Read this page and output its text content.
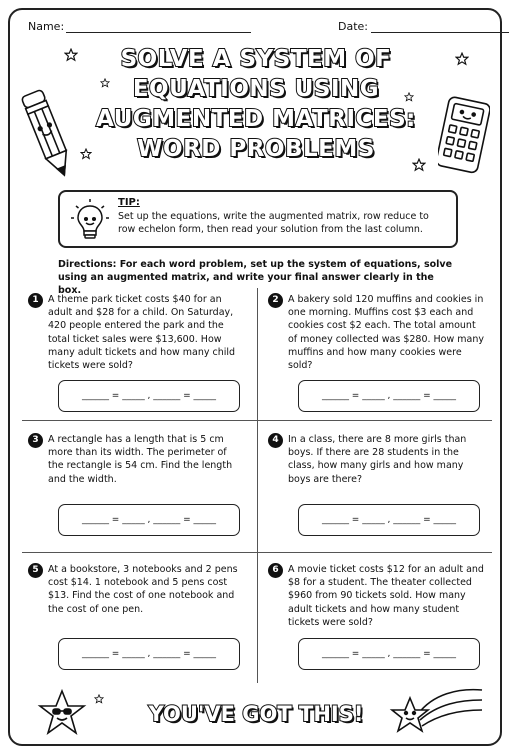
Name:	Date:
SOLVE A SYSTEM OF
EQUATIONS USING
AUGMENTED MATRICES:
WORD PROBLEMS
TIP:
Set up the equations, write the augmented matrix, row reduce to row echelon form, then read your solution from the last column.
Directions: For each word problem, set up the system of equations, solve using an augmented matrix, and write your final answer clearly in the box.
1 A theme park ticket costs $40 for an adult and $28 for a child. On Saturday, 420 people entered the park and the total ticket sales were $13,600. How many adult tickets and how many child tickets were sold?
______ = _____ , ______ = _____
2 A bakery sold 120 muffins and cookies in one morning. Muffins cost $3 each and cookies cost $2 each. The total amount of money collected was $280. How many muffins and how many cookies were sold?
______ = _____ , ______ = _____
3 A rectangle has a length that is 5 cm more than its width. The perimeter of the rectangle is 54 cm. Find the length and the width.
______ = _____ , ______ = _____
4 In a class, there are 8 more girls than boys. If there are 28 students in the class, how many girls and how many boys are there?
______ = _____ , ______ = _____
5 At a bookstore, 3 notebooks and 2 pens cost $14. 1 notebook and 5 pens cost $13. Find the cost of one notebook and the cost of one pen.
______ = _____ , ______ = _____
6 A movie ticket costs $12 for an adult and $8 for a student. The theater collected $960 from 90 tickets sold. How many adult tickets and how many student tickets were sold?
______ = _____ , ______ = _____
YOU'VE GOT THIS!
